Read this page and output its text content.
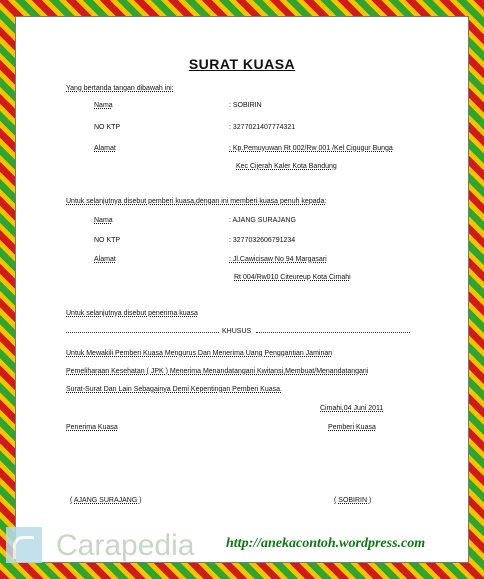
SURAT KUASA
Yang bertanda tangan dibawah ini:
Nama	: SOBIRIN
NO KTP	: 3277021407774321
Alamat	: Kp.Pemuyuwan Rt 002/Rw 001 /Kel Cigugur Bunga
Kec Cijerah Kaler Kota Bandung
Untuk selanjutnya disebut pemberi kuasa,dengan ini memberi kuasa penuh kepada:
Nama	: AJANG SURAJANG
NO KTP	: 3277032606791234
Alamat	: Jl.Cawicisaw No 94 Margasari
Rt 004/Rw010 Citeureup Kota Cimahi
Untuk selanjutnya disebut penerima kuasa
KHUSUS
Untuk Mewakili Pemberi Kuasa Mengurus Dan Menerima Uang Penggantian Jaminan
Pemeliharaan Kesehatan ( JPK ) Menerima Menandatangani Kwitansi,Membuat/Menandatangani
Surat-Surat Dan Lain Sebagainya Demi Kepentingan Pemberi Kuasa.
Cimahi,04 Juni 2011
Penerima Kuasa	Pemberi Kuasa
( AJANG SURAJANG )	( SOBIRIN )
Carapedia http://anekacontoh.wordpress.com
